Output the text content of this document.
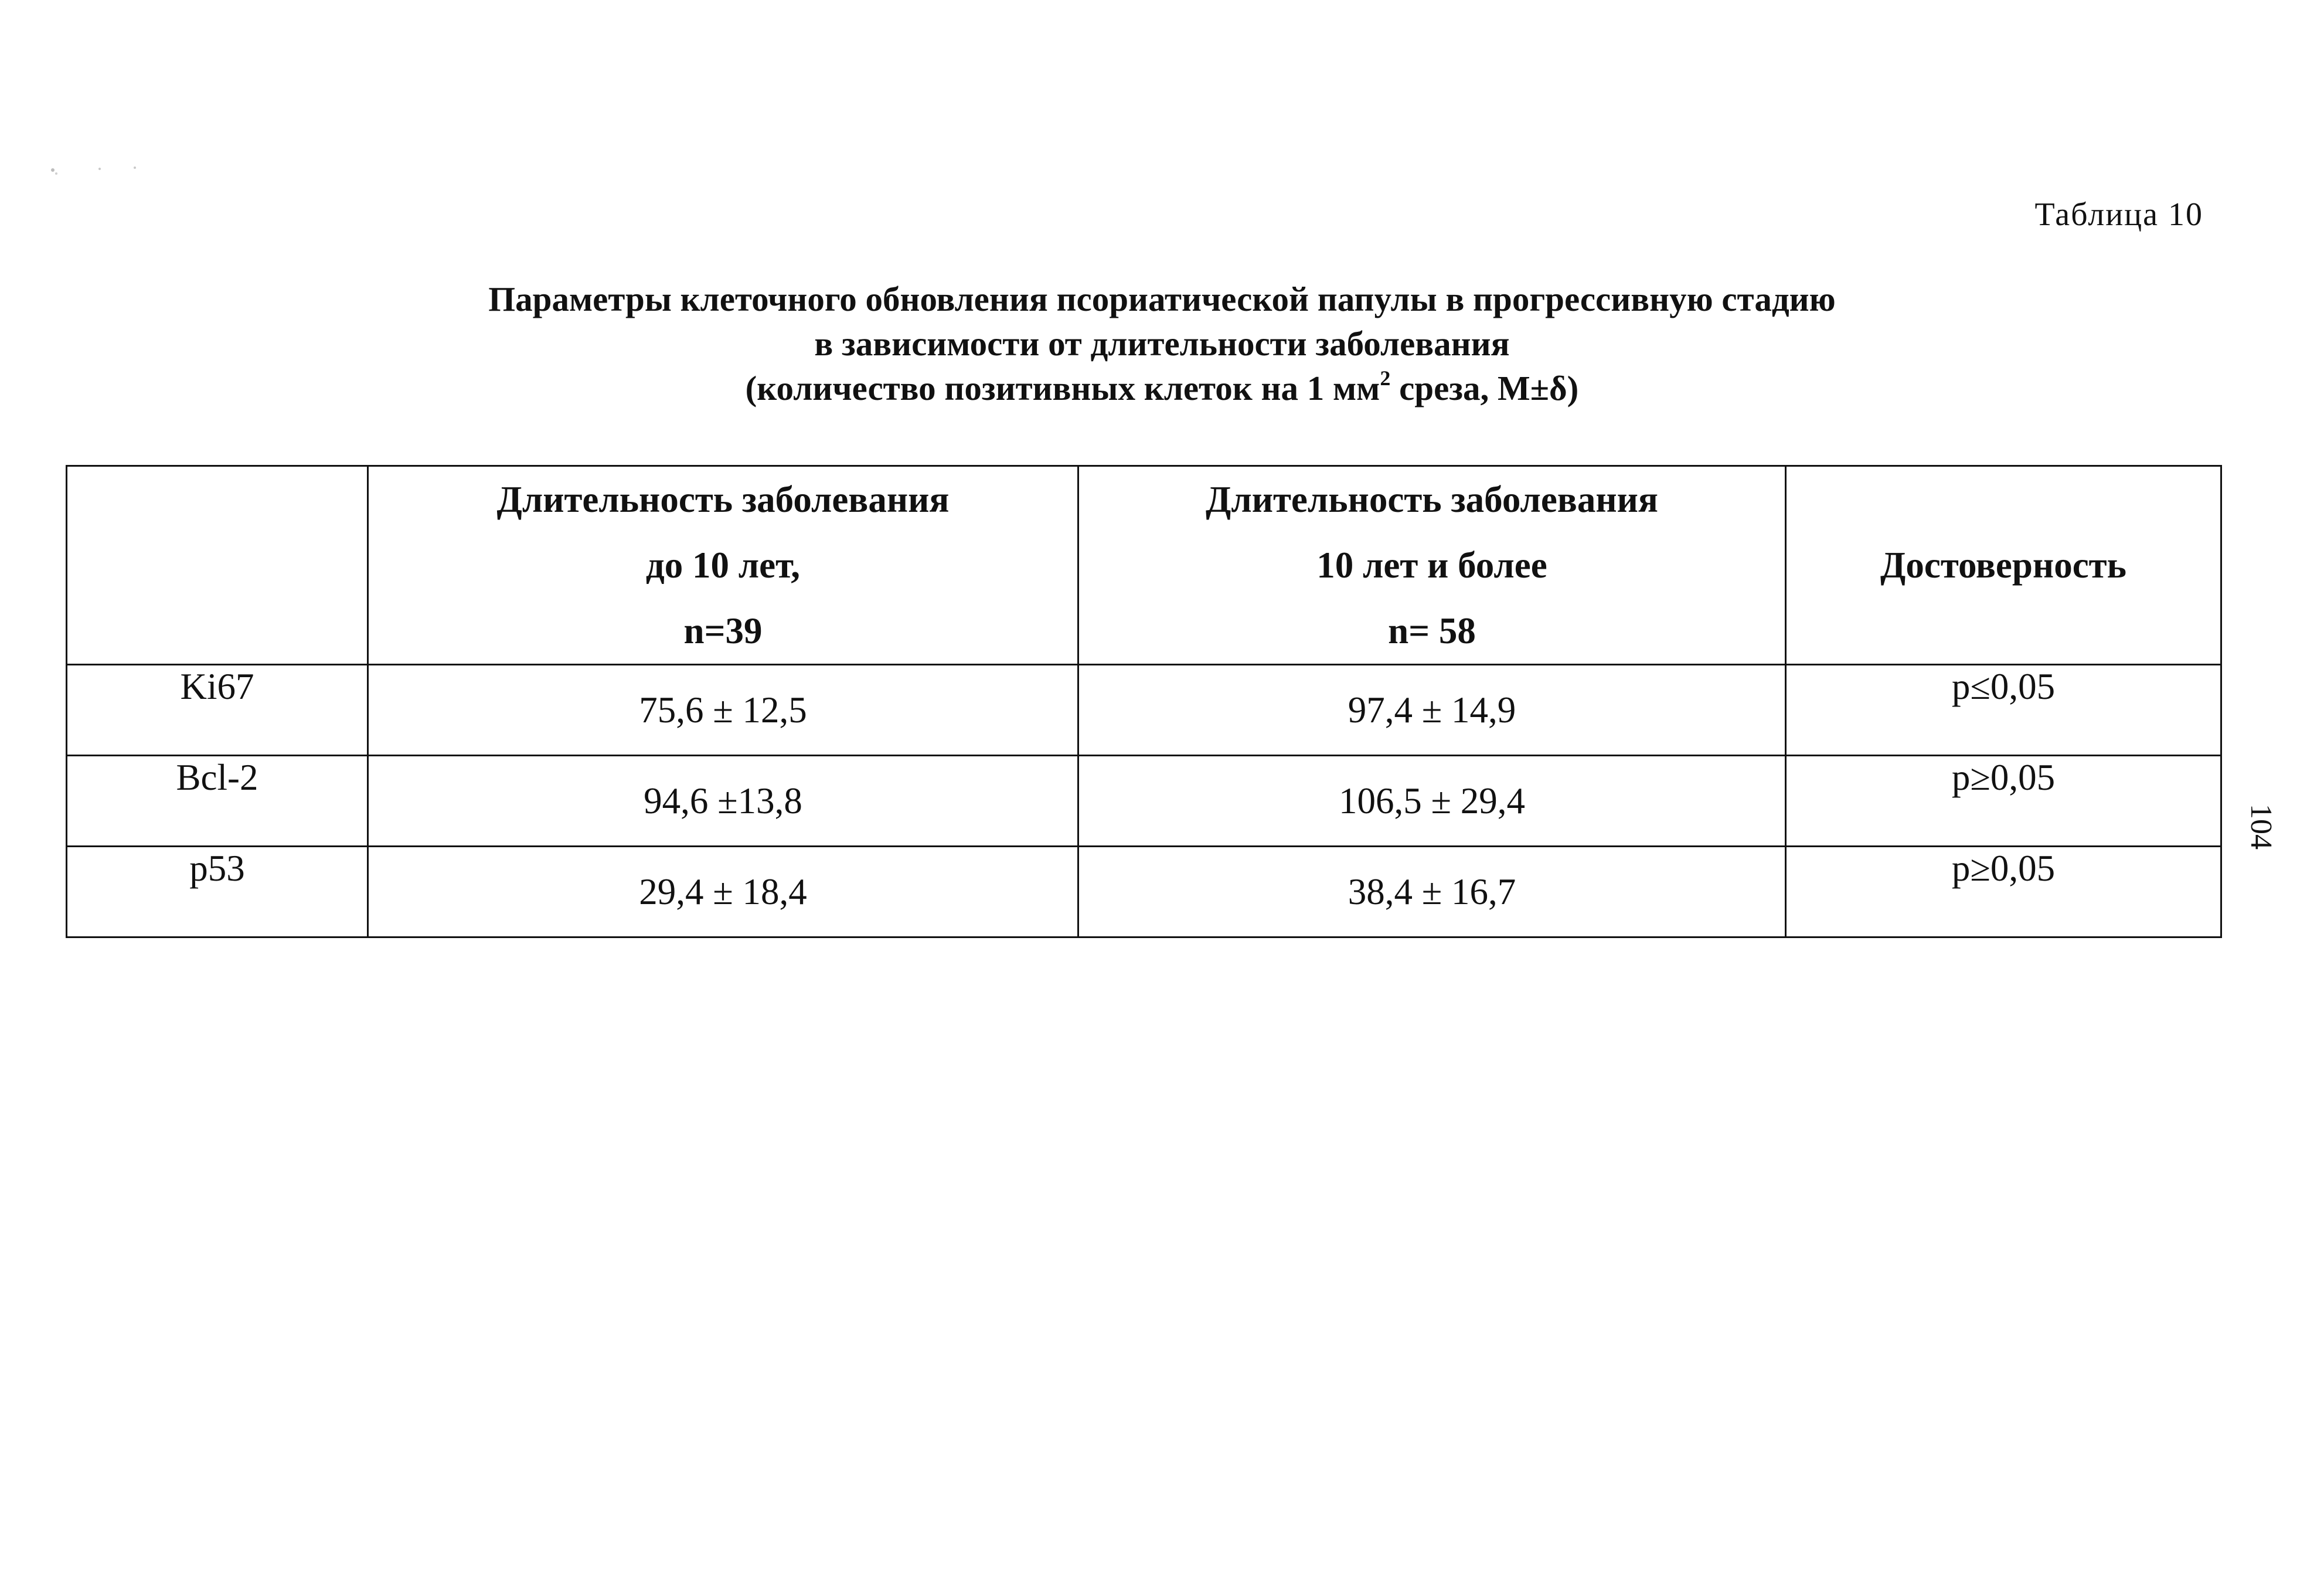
Таблица 10
Параметры клеточного обновления псориатической папулы в прогрессивную стадию
в зависимости от длительности заболевания
(количество позитивных клеток на 1 $мм^2$ среза, M±δ)

	Длительность заболевания
до 10 лет,
n=39	Длительность заболевания
10 лет и более
n= 58	Достоверность
Ki67	75,6 ± 12,5	97,4 ± 14,9	p≤0,05
Bcl-2	94,6 ±13,8	106,5 ± 29,4	p≥0,05
p53	29,4 ± 18,4	38,4 ± 16,7	p≥0,05
104
